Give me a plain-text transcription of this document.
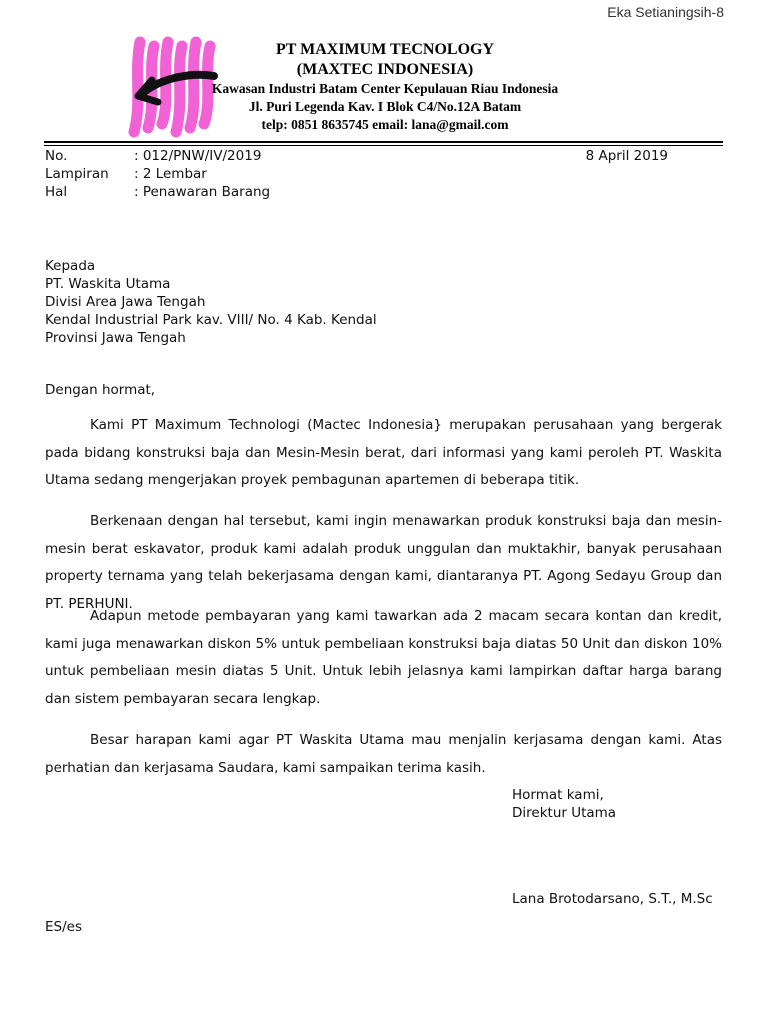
Eka Setianingsih-8
PT MAXIMUM TECNOLOGY
(MAXTEC INDONESIA)
Kawasan Industri Batam Center Kepulauan Riau Indonesia
Jl. Puri Legenda Kav. I Blok C4/No.12A Batam
telp: 0851 8635745 email: lana@gmail.com
No.	: 012/PNW/IV/2019
Lampiran	: 2 Lembar
Hal	: Penawaran Barang
8 April 2019
Kepada
PT. Waskita Utama
Divisi Area Jawa Tengah
Kendal Industrial Park kav. VIII/ No. 4 Kab. Kendal
Provinsi Jawa Tengah
Dengan hormat,

Kami PT Maximum Technologi (Mactec Indonesia} merupakan perusahaan yang bergerak pada bidang konstruksi baja dan Mesin-Mesin berat, dari informasi yang kami peroleh PT. Waskita Utama sedang mengerjakan proyek pembagunan apartemen di beberapa titik.

Berkenaan dengan hal tersebut, kami ingin menawarkan produk konstruksi baja dan mesin-mesin berat eskavator, produk kami adalah produk unggulan dan muktakhir, banyak perusahaan property ternama yang telah bekerjasama dengan kami, diantaranya PT. Agong Sedayu Group dan PT. PERHUNI.

Adapun metode pembayaran yang kami tawarkan ada 2 macam secara kontan dan kredit, kami juga menawarkan diskon 5% untuk pembeliaan konstruksi baja diatas 50 Unit dan diskon 10% untuk pembeliaan mesin diatas 5 Unit. Untuk lebih jelasnya kami lampirkan daftar harga barang dan sistem pembayaran secara lengkap.

Besar harapan kami agar PT Waskita Utama mau menjalin kerjasama dengan kami. Atas perhatian dan kerjasama Saudara, kami sampaikan terima kasih.

Hormat kami,
Direktur Utama
Lana Brotodarsano, S.T., M.Sc
ES/es
